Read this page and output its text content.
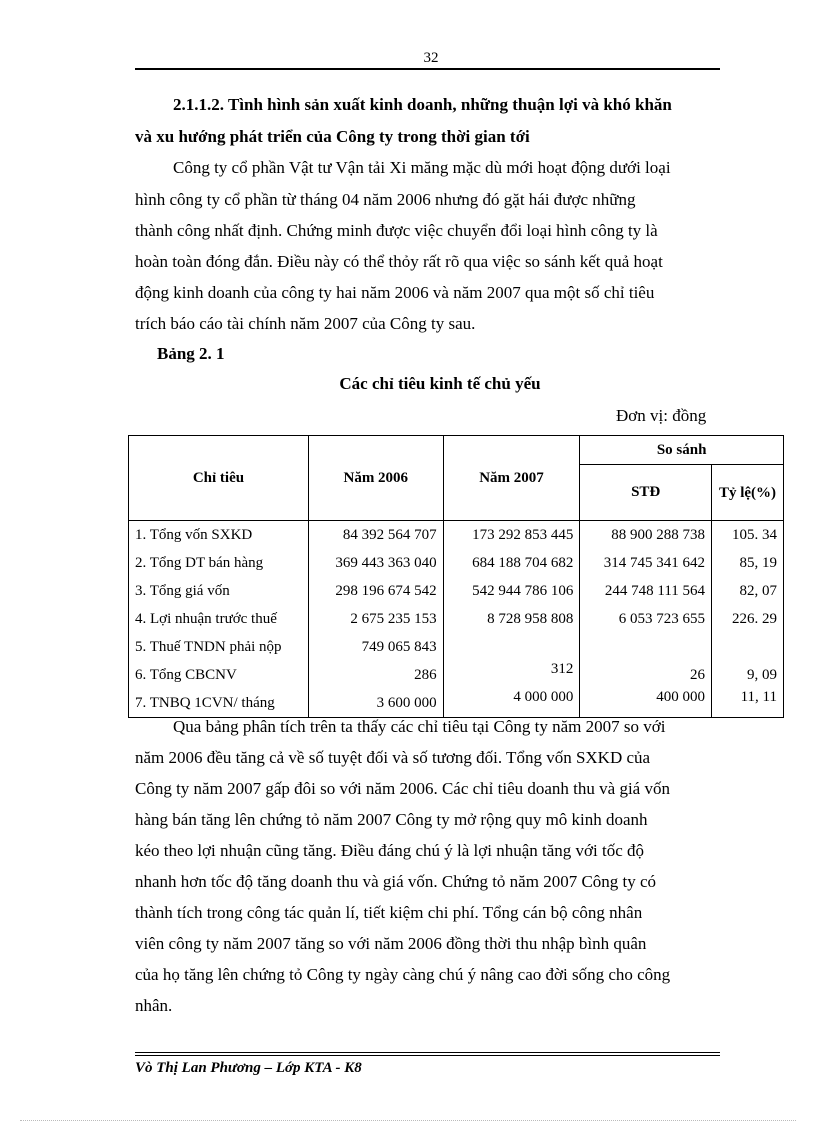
32
2.1.1.2. Tình hình sản xuất kinh doanh, những thuận lợi và khó khăn
và xu hướng phát triển của Công ty trong thời gian tới
Công ty cổ phần Vật tư Vận tải Xi măng mặc dù mới hoạt động dưới loại
hình công ty cổ phần từ tháng 04 năm 2006 nhưng đó gặt hái được những
thành công nhất định. Chứng minh được việc chuyển đổi loại hình công ty là
hoàn toàn đóng đắn. Điều này có thể thỏy rất rõ qua việc so sánh kết quả hoạt
động kinh doanh của công ty hai năm 2006 và năm 2007 qua một số chỉ tiêu
trích báo cáo tài chính năm 2007 của Công ty sau.
Bảng 2. 1
Các chỉ tiêu kinh tế chủ yếu
Đơn vị: đồng
Chỉ tiêu	Năm 2006	Năm 2007	So sánh	
			STĐ	Tỷ lệ(%)

1. Tổng vốn SXKD	84 392 564 707	173 292 853 445	88 900 288 738	105. 34
2. Tổng DT bán hàng	369 443 363 040	684 188 704 682	314 745 341 642	85, 19
3. Tổng giá vốn	298 196 674 542	542 944 786 106	244 748 111 564	82, 07
4. Lợi nhuận trước thuế	2 675 235 153	8 728 958 808	6 053 723 655	226. 29
5. Thuế TNDN phải nộp	749 065 843			
6. Tổng CBCNV	286	312	26	9, 09
7. TNBQ 1CVN/ tháng	3 600 000	4 000 000	400 000	11, 11
Qua bảng phân tích trên ta thấy các chỉ tiêu tại Công ty năm 2007 so với
năm 2006 đều tăng cả về số tuyệt đối và số tương đối. Tổng vốn SXKD của
Công ty năm 2007 gấp đôi so với năm 2006. Các chỉ tiêu doanh thu và giá vốn
hàng bán tăng lên chứng tỏ năm 2007 Công ty mở rộng quy mô kinh doanh
kéo theo lợi nhuận cũng tăng. Điều đáng chú ý là lợi nhuận tăng với tốc độ
nhanh hơn tốc độ tăng doanh thu và giá vốn. Chứng tỏ năm 2007 Công ty có
thành tích trong công tác quản lí, tiết kiệm chi phí. Tổng cán bộ công nhân
viên công ty năm 2007 tăng so với năm 2006 đồng thời thu nhập bình quân
của họ tăng lên chứng tỏ Công ty ngày càng chú ý nâng cao đời sống cho công
nhân.
Vò Thị Lan Phương – Lớp KTA - K8
